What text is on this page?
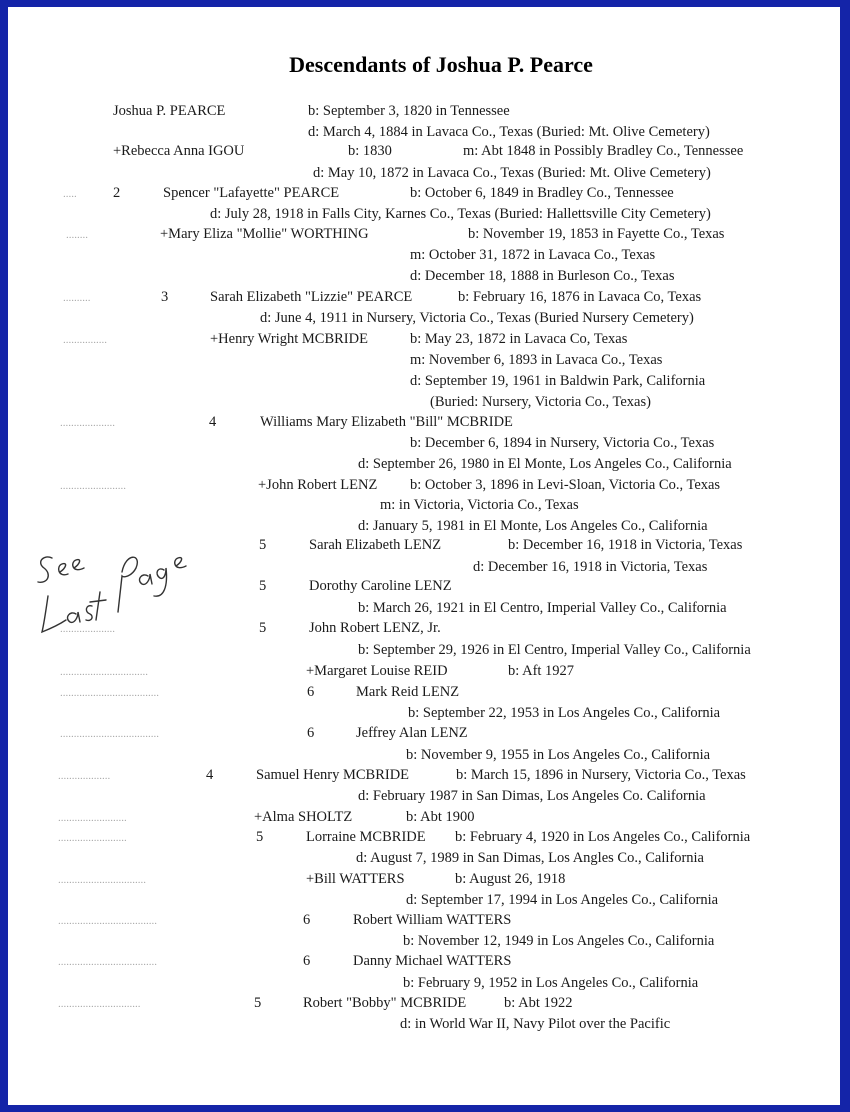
Descendants of Joshua P. Pearce
Joshua P. PEARCE	b: September 3, 1820 in Tennessee
d: March 4, 1884 in Lavaca Co., Texas (Buried: Mt. Olive Cemetery)
+Rebecca Anna IGOU	b: 1830	m: Abt 1848 in Possibly Bradley Co., Tennessee
d: May 10, 1872 in Lavaca Co., Texas (Buried: Mt. Olive Cemetery)
.....	2	Spencer "Lafayette" PEARCE	b: October 6, 1849 in Bradley Co., Tennessee
d: July 28, 1918 in Falls City, Karnes Co., Texas (Buried: Hallettsville City Cemetery)
........	+Mary Eliza "Mollie" WORTHING	b: November 19, 1853 in Fayette Co., Texas
m: October 31, 1872 in Lavaca Co., Texas
d: December 18, 1888 in Burleson Co., Texas
..........	3	Sarah Elizabeth "Lizzie" PEARCE	b: February 16, 1876 in Lavaca Co, Texas
d: June 4, 1911 in Nursery, Victoria Co., Texas (Buried Nursery Cemetery)
................	+Henry Wright MCBRIDE	b: May 23, 1872 in Lavaca Co, Texas
m: November 6, 1893 in Lavaca Co., Texas
d: September 19, 1961 in Baldwin Park, California
(Buried: Nursery, Victoria Co., Texas)
....................	4	Williams Mary Elizabeth "Bill" MCBRIDE
b: December 6, 1894 in Nursery, Victoria Co., Texas
d: September 26, 1980 in El Monte, Los Angeles Co., California
........................	+John Robert LENZ b: October 3, 1896 in Levi-Sloan, Victoria Co., Texas
m: in Victoria, Victoria Co., Texas
d: January 5, 1981 in El Monte, Los Angeles Co., California
5	Sarah Elizabeth LENZ	b: December 16, 1918 in Victoria, Texas
d: December 16, 1918 in Victoria, Texas
5	Dorothy Caroline LENZ
b: March 26, 1921 in El Centro, Imperial Valley Co., California
....................	5	John Robert LENZ, Jr.
b: September 29, 1926 in El Centro, Imperial Valley Co., California
................................	+Margaret Louise REID	b: Aft 1927
....................................	6	Mark Reid LENZ
b: September 22, 1953 in Los Angeles Co., California
....................................	6	Jeffrey Alan LENZ
b: November 9, 1955 in Los Angeles Co., California
...................	4	Samuel Henry MCBRIDE	b: March 15, 1896 in Nursery, Victoria Co., Texas
d: February 1987 in San Dimas, Los Angeles Co. California
.........................	+Alma SHOLTZ	b: Abt 1900
.........................	5	Lorraine MCBRIDE b: February 4, 1920 in Los Angeles Co., California
d: August 7, 1989 in San Dimas, Los Angles Co., California
................................	+Bill WATTERS	b: August 26, 1918
d: September 17, 1994 in Los Angeles Co., California
....................................	6	Robert William WATTERS
b: November 12, 1949 in Los Angeles Co., California
....................................	6	Danny Michael WATTERS
b: February 9, 1952 in Los Angeles Co., California
..............................	5	Robert "Bobby" MCBRIDE	b: Abt 1922
d: in World War II, Navy Pilot over the Pacific
